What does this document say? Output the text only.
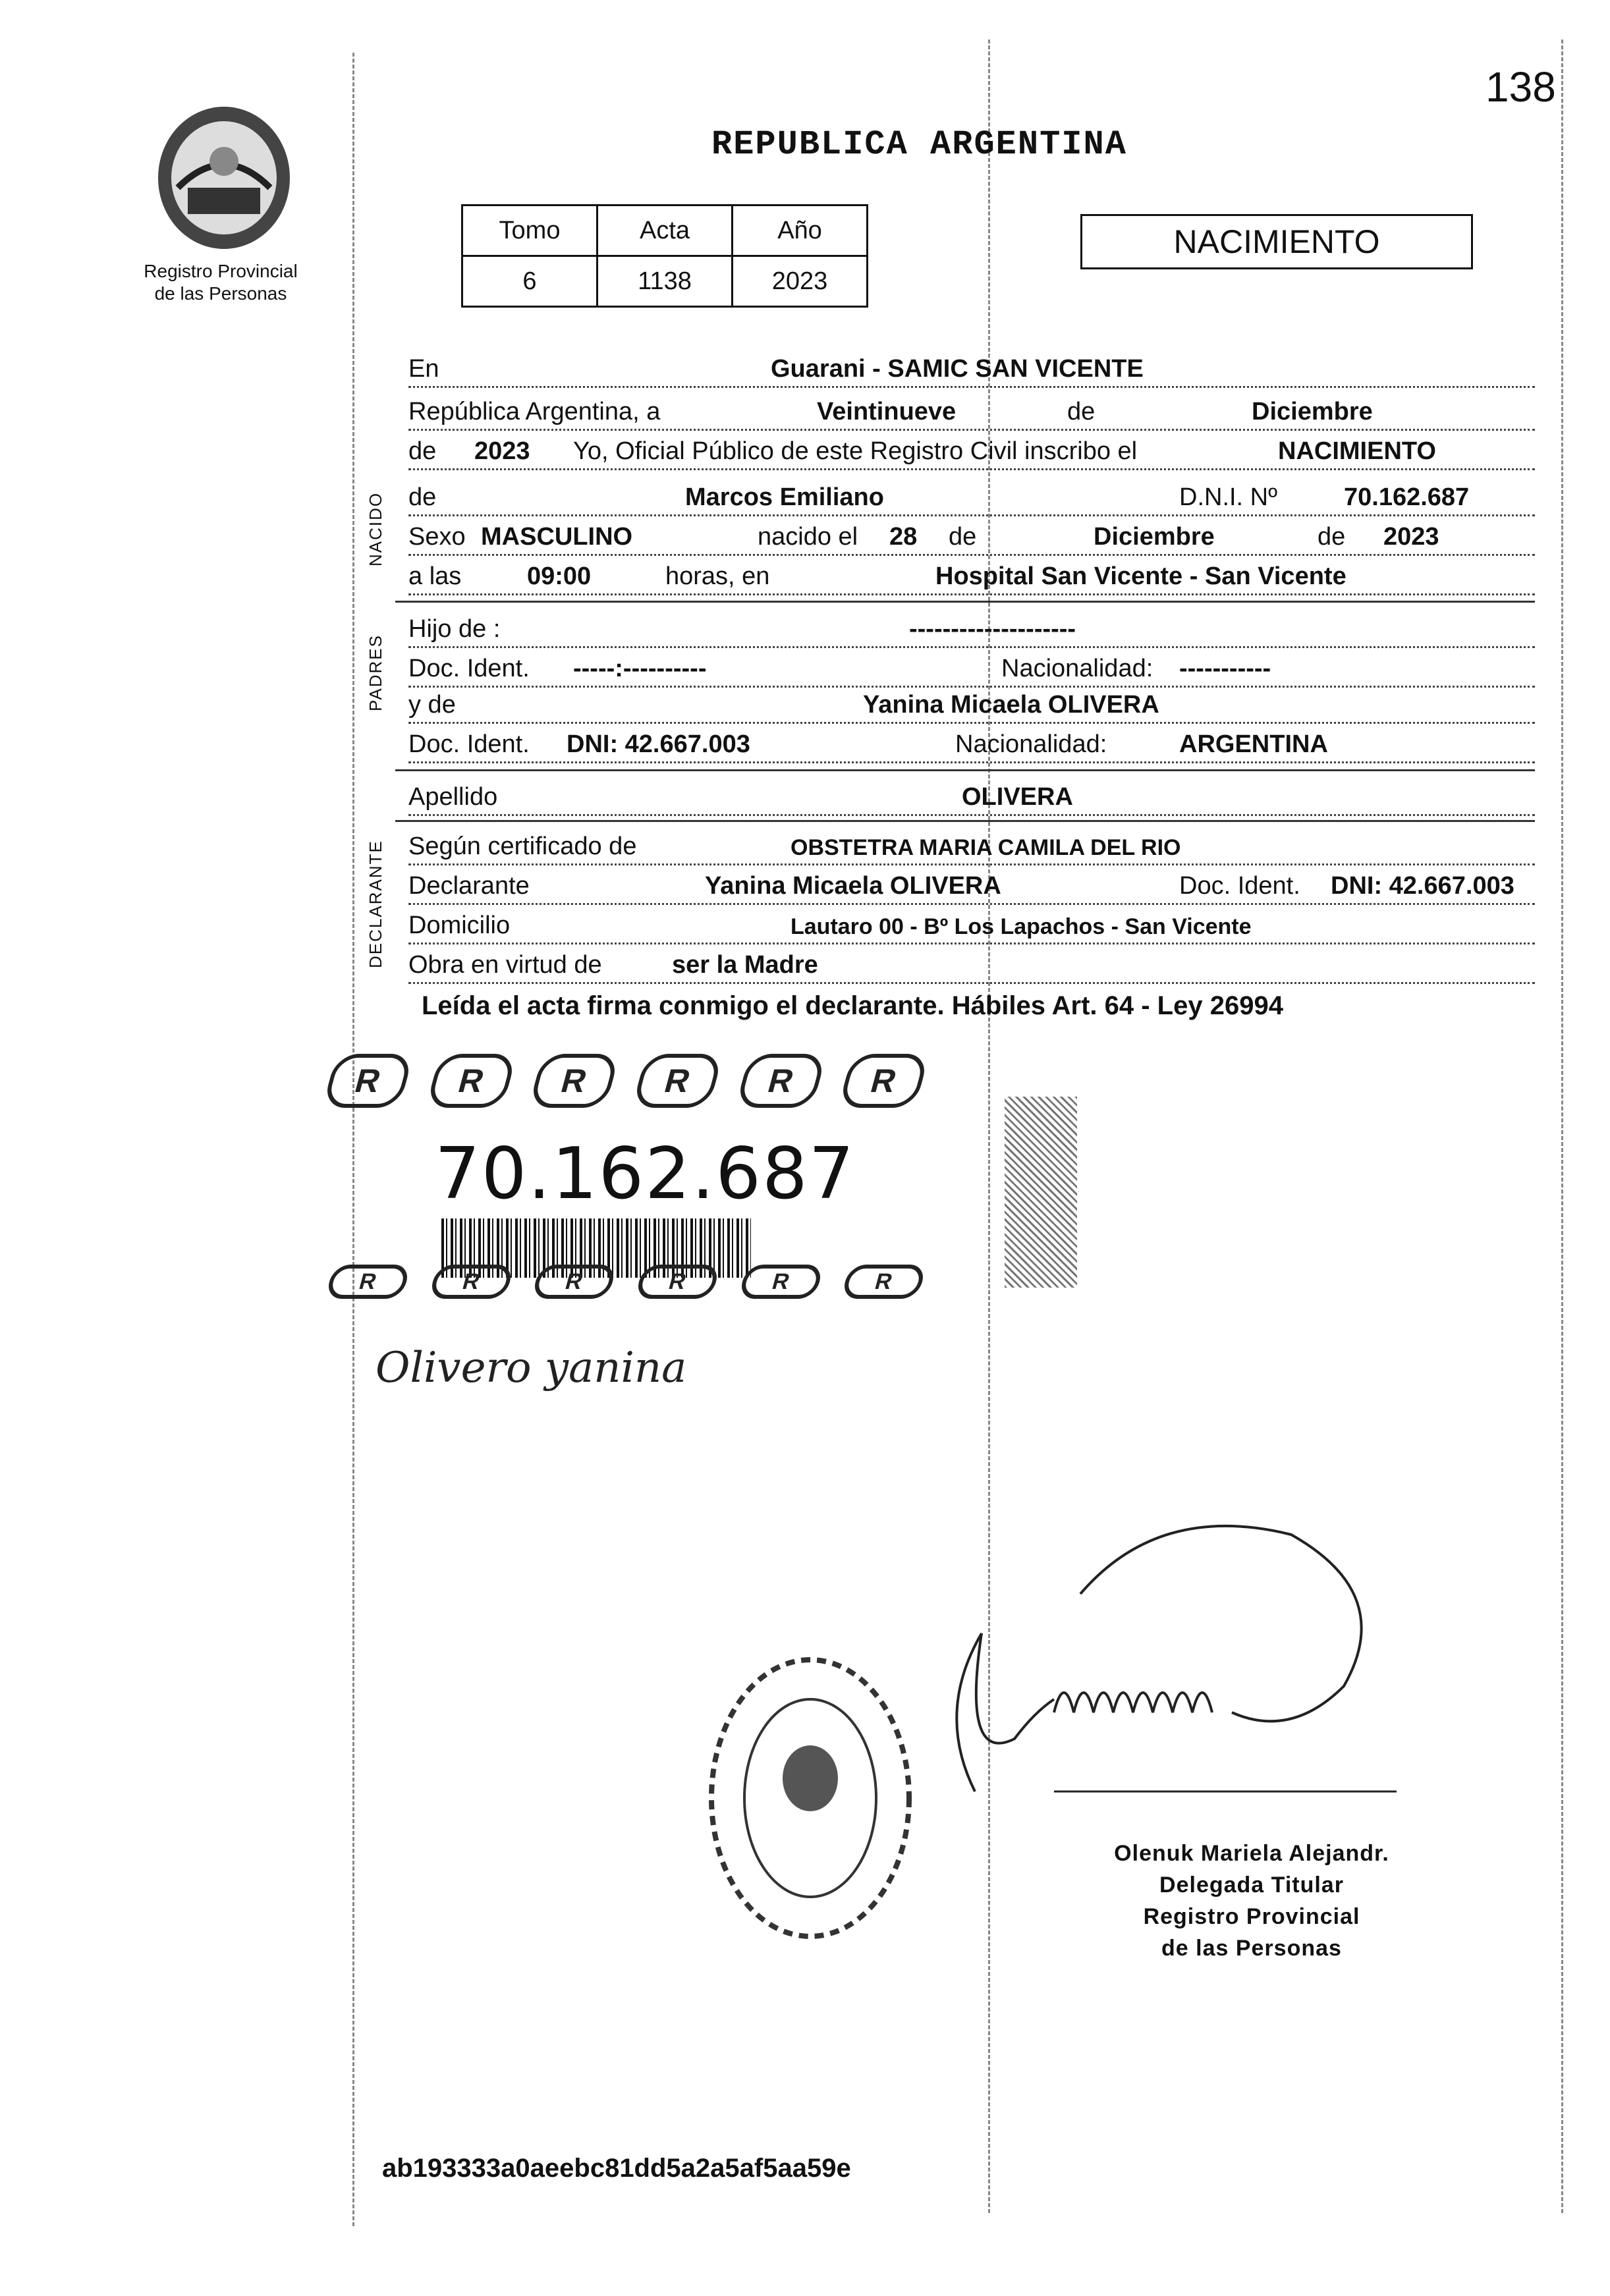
138
Registro Provincial
de las Personas
REPUBLICA ARGENTINA
Tomo	Acta	Año
6	1138	2023
NACIMIENTO
En	Guarani - SAMIC SAN VICENTE
República Argentina, a	Veintinueve	de	Diciembre
de 2023 Yo, Oficial Público de este Registro Civil inscribo el	NACIMIENTO
de	Marcos Emiliano	D.N.I. Nº	70.162.687
Sexo MASCULINO	nacido el 28 de	Diciembre	de 2023
a las	09:00	horas, en	Hospital San Vicente - San Vicente
Hijo de :	--------------------
Doc. Ident. -----:----------	Nacionalidad: -----------
y de	Yanina Micaela OLIVERA
Doc. Ident. DNI: 42.667.003	Nacionalidad:	ARGENTINA
Apellido	OLIVERA
Según certificado de	OBSTETRA MARIA CAMILA DEL RIO
Declarante	Yanina Micaela OLIVERA	Doc. Ident. DNI: 42.667.003
Domicilio	Lautaro 00 - Bº Los Lapachos - San Vicente
Obra en virtud de	ser la Madre
NACIDO
PADRES
DECLARANTE
Leída el acta firma conmigo el declarante. Hábiles Art. 64 - Ley 26994
R	R	R	R	R	R
70.162.687
R	R	R	R	R	R
Olivero yanina
Olenuk Mariela Alejandr.
Delegada Titular
Registro Provincial
de las Personas
ab193333a0aeebc81dd5a2a5af5aa59e
